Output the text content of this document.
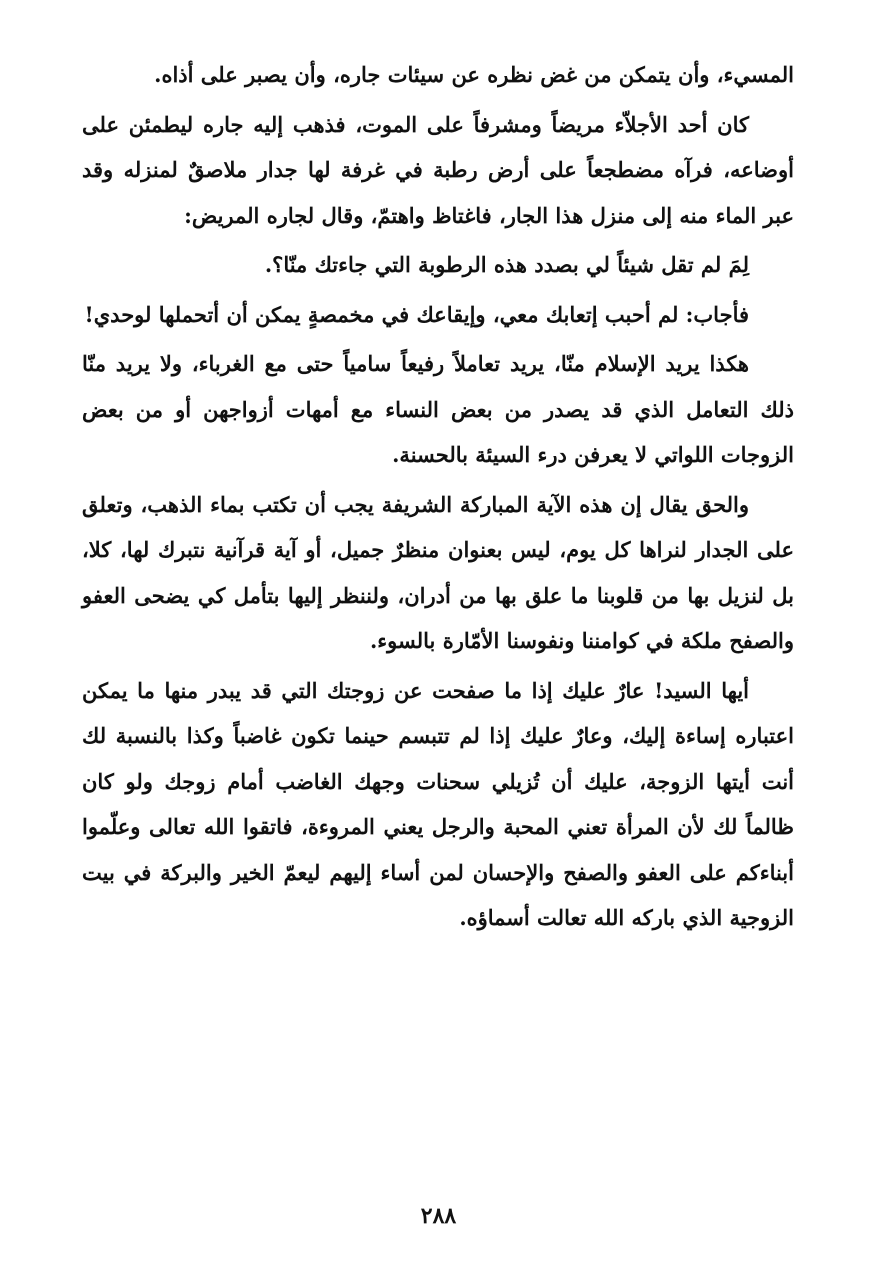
المسيء، وأن يتمكن من غض نظره عن سيئات جاره، وأن يصبر على أذاه.

كان أحد الأجلاّء مريضاً ومشرفاً على الموت، فذهب إليه جاره ليطمئن على أوضاعه، فرآه مضطجعاً على أرض رطبة في غرفة لها جدار ملاصقٌ لمنزله وقد عبر الماء منه إلى منزل هذا الجار، فاغتاظ واهتمّ، وقال لجاره المريض:

لِمَ لم تقل شيئاً لي بصدد هذه الرطوبة التي جاءتك منّا؟.

فأجاب: لم أحبب إتعابك معي، وإيقاعك في مخمصةٍ يمكن أن أتحملها لوحدي!

هكذا يريد الإسلام منّا، يريد تعاملاً رفيعاً سامياً حتى مع الغرباء، ولا يريد منّا ذلك التعامل الذي قد يصدر من بعض النساء مع أمهات أزواجهن أو من بعض الزوجات اللواتي لا يعرفن درء السيئة بالحسنة.

والحق يقال إن هذه الآية المباركة الشريفة يجب أن تكتب بماء الذهب، وتعلق على الجدار لنراها كل يوم، ليس بعنوان منظرٌ جميل، أو آية قرآنية نتبرك لها، كلا، بل لنزيل بها من قلوبنا ما علق بها من أدران، ولننظر إليها بتأمل كي يضحى العفو والصفح ملكة في كوامننا ونفوسنا الأمّارة بالسوء.

أيها السيد! عارٌ عليك إذا ما صفحت عن زوجتك التي قد يبدر منها ما يمكن اعتباره إساءة إليك، وعارٌ عليك إذا لم تتبسم حينما تكون غاضباً وكذا بالنسبة لك أنت أيتها الزوجة، عليك أن تُزيلي سحنات وجهك الغاضب أمام زوجك ولو كان ظالماً لك لأن المرأة تعني المحبة والرجل يعني المروءة، فاتقوا الله تعالى وعلّموا أبناءكم على العفو والصفح والإحسان لمن أساء إليهم ليعمّ الخير والبركة في بيت الزوجية الذي باركه الله تعالت أسماؤه.

٢٨٨
